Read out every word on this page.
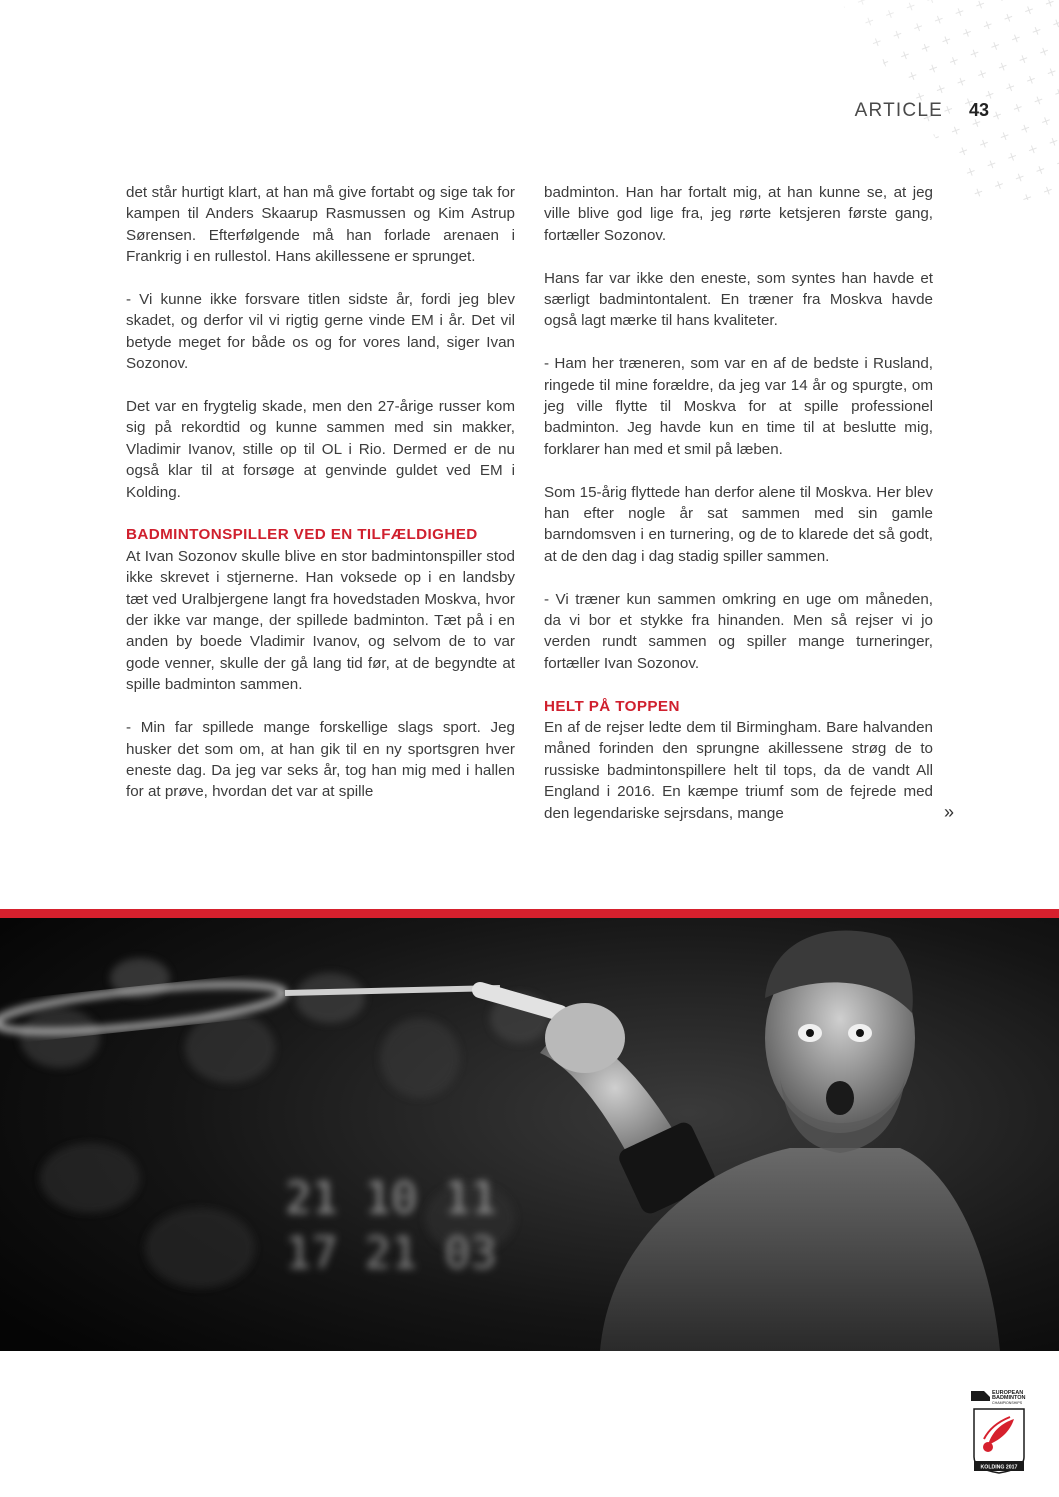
ARTICLE 43

det står hurtigt klart, at han må give fortabt og sige tak for kampen til Anders Skaarup Rasmussen og Kim Astrup Sørensen. Efterfølgende må han forlade arenaen i Frankrig i en rullestol. Hans akillessene er sprunget.

- Vi kunne ikke forsvare titlen sidste år, fordi jeg blev skadet, og derfor vil vi rigtig gerne vinde EM i år. Det vil betyde meget for både os og for vores land, siger Ivan Sozonov.

Det var en frygtelig skade, men den 27-årige russer kom sig på rekordtid og kunne sammen med sin makker, Vladimir Ivanov, stille op til OL i Rio. Dermed er de nu også klar til at forsøge at genvinde guldet ved EM i Kolding.

BADMINTONSPILLER VED EN TILFÆLDIGHED

At Ivan Sozonov skulle blive en stor badmintonspiller stod ikke skrevet i stjernerne. Han voksede op i en landsby tæt ved Uralbjergene langt fra hovedstaden Moskva, hvor der ikke var mange, der spillede badminton. Tæt på i en anden by boede Vladimir Ivanov, og selvom de to var gode venner, skulle der gå lang tid før, at de begyndte at spille badminton sammen.

- Min far spillede mange forskellige slags sport. Jeg husker det som om, at han gik til en ny sportsgren hver eneste dag. Da jeg var seks år, tog han mig med i hallen for at prøve, hvordan det var at spille

badminton. Han har fortalt mig, at han kunne se, at jeg ville blive god lige fra, jeg rørte ketsjeren første gang, fortæller Sozonov.

Hans far var ikke den eneste, som syntes han havde et særligt badmintontalent. En træner fra Moskva havde også lagt mærke til hans kvaliteter.

- Ham her træneren, som var en af de bedste i Rusland, ringede til mine forældre, da jeg var 14 år og spurgte, om jeg ville flytte til Moskva for at spille professionel badminton. Jeg havde kun en time til at beslutte mig, forklarer han med et smil på læben.

Som 15-årig flyttede han derfor alene til Moskva. Her blev han efter nogle år sat sammen med sin gamle barndomsven i en turnering, og de to klarede det så godt, at de den dag i dag stadig spiller sammen.

- Vi træner kun sammen omkring en uge om måneden, da vi bor et stykke fra hinanden. Men så rejser vi jo verden rundt sammen og spiller mange turneringer, fortæller Ivan Sozonov.

HELT PÅ TOPPEN

En af de rejser ledte dem til Birmingham. Bare halvanden måned forinden den sprungne akillessene strøg de to russiske badmintonspillere helt til tops, da de vandt All England i 2016. En kæmpe triumf som de fejrede med den legendariske sejrsdans, mange	»
21 10 11
17 21 03
EUROPEAN
BADMINTON
CHAMPIONSHIPS
KOLDING 2017
